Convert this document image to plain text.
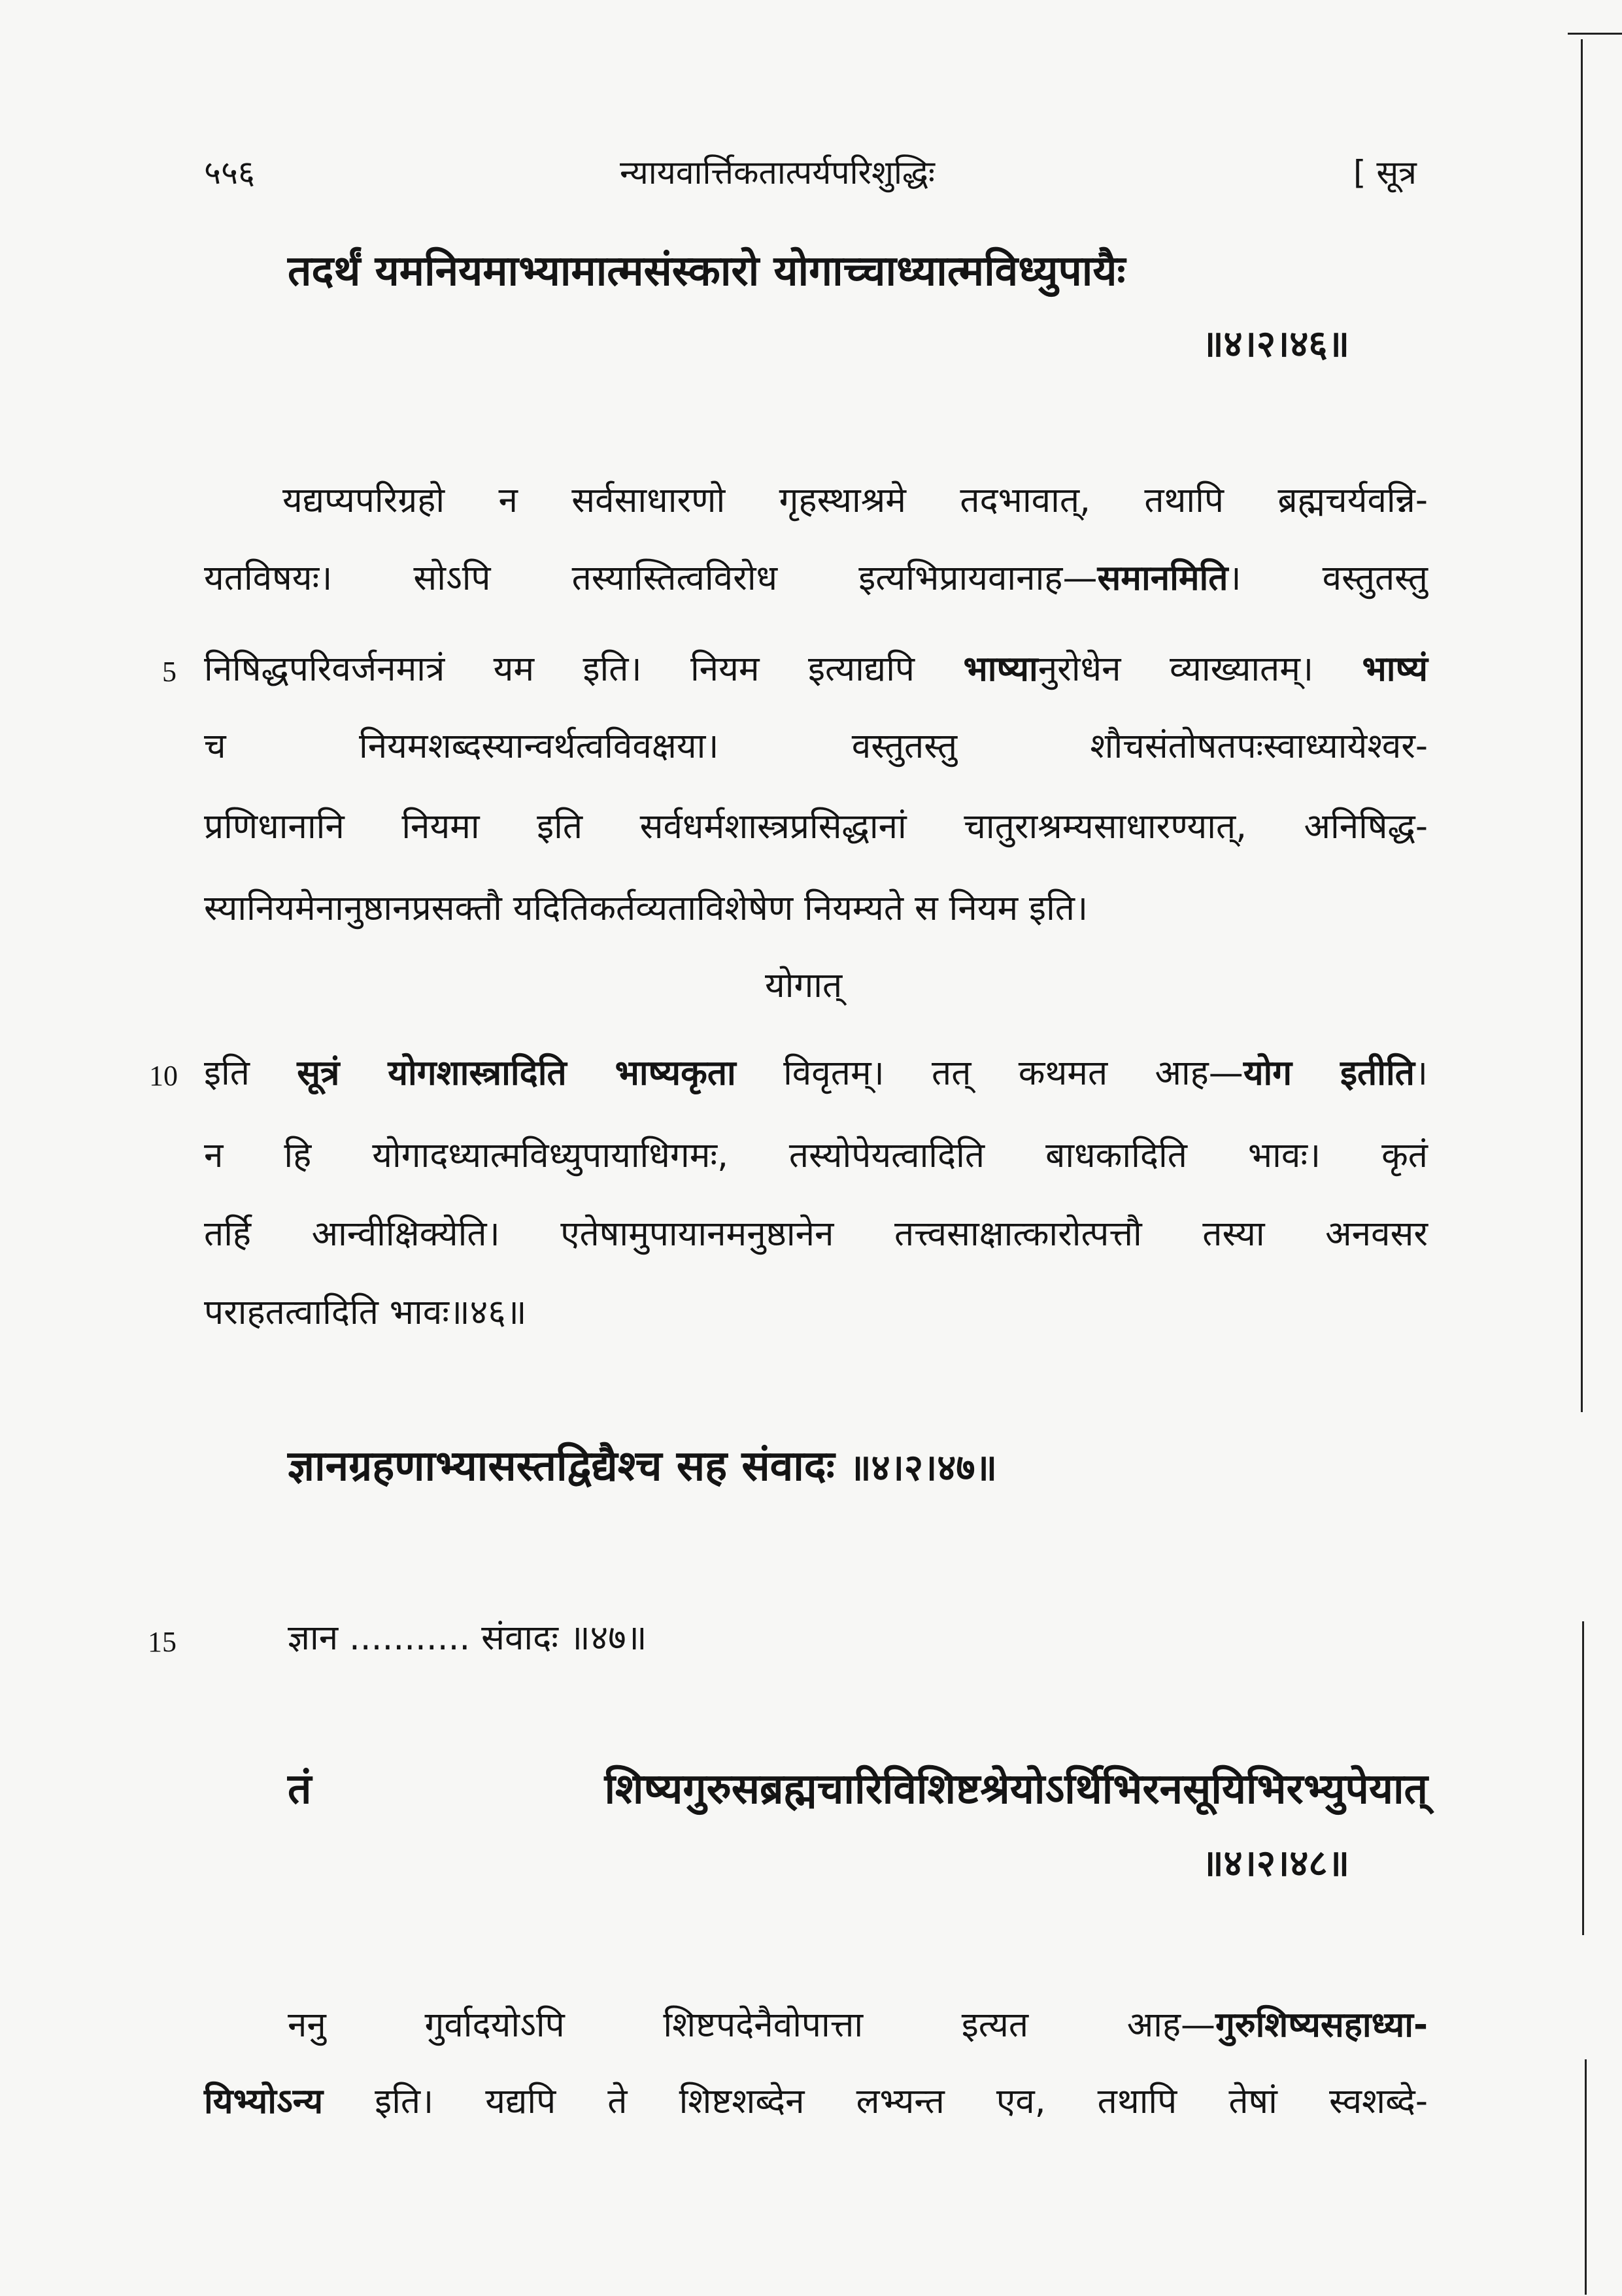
५५६	न्यायवार्त्तिकतात्पर्यपरिशुद्धिः	[ सूत्र
तदर्थं यमनियमाभ्यामात्मसंस्कारो योगाच्चाध्यात्मविध्युपायैः
॥४।२।४६॥
यद्यप्यपरिग्रहो न सर्वसाधारणो गृहस्थाश्रमे तदभावात्, तथापि ब्रह्मचर्यवन्नि-
यतविषयः। सोऽपि तस्यास्तित्वविरोध इत्यभिप्रायवानाह—समानमिति। वस्तुतस्तु
5 निषिद्धपरिवर्जनमात्रं यम इति। नियम इत्याद्यपि भाष्यानुरोधेन व्याख्यातम्। भाष्यं
च नियमशब्दस्यान्वर्थत्वविवक्षया। वस्तुतस्तु शौचसंतोषतपःस्वाध्यायेश्वर-
प्रणिधानानि नियमा इति सर्वधर्मशास्त्रप्रसिद्धानां चातुराश्रम्यसाधारण्यात्, अनिषिद्ध-
स्यानियमेनानुष्ठानप्रसक्तौ यदितिकर्तव्यताविशेषेण नियम्यते स नियम इति।
योगात्
10 इति सूत्रं योगशास्त्रादिति भाष्यकृता विवृतम्। तत् कथमत आह—योग इतीति।
न हि योगादध्यात्मविध्युपायाधिगमः, तस्योपेयत्वादिति बाधकादिति भावः। कृतं
तर्हि आन्वीक्षिक्येति। एतेषामुपायानमनुष्ठानेन तत्त्वसाक्षात्कारोत्पत्तौ तस्या अनवसर
पराहतत्वादिति भावः॥४६॥
ज्ञानग्रहणाभ्यासस्तद्विद्यैश्च सह संवादः ॥४।२।४७॥
15	ज्ञान ........... संवादः ॥४७॥
तं शिष्यगुरुसब्रह्मचारिविशिष्टश्रेयोऽर्थिभिरनसूयिभिरभ्युपेयात्
॥४।२।४८॥
ननु गुर्वादयोऽपि शिष्टपदेनैवोपात्ता इत्यत आह—गुरुशिष्यसहाध्या-
यिभ्योऽन्य इति। यद्यपि ते शिष्टशब्देन लभ्यन्त एव, तथापि तेषां स्वशब्दे-
